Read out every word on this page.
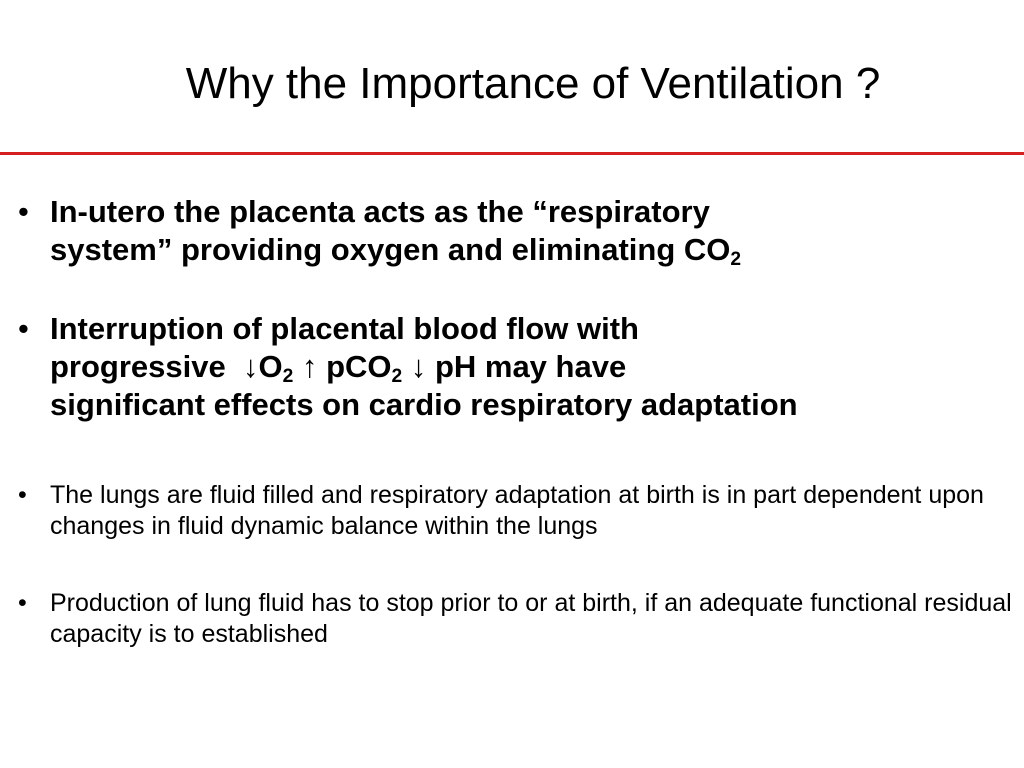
Why the Importance of Ventilation ?
• In-utero the placenta acts as the “respiratory
system” providing oxygen and eliminating $CO_2$
• Interruption of placental blood flow with
progressive $↓O_2$ ↑ pCO$_2$ ↓ pH may have
significant effects on cardio respiratory adaptation
• The lungs are fluid filled and respiratory adaptation at birth is in part dependent upon changes in fluid dynamic balance within the lungs
• Production of lung fluid has to stop prior to or at birth, if an adequate functional residual capacity is to established
